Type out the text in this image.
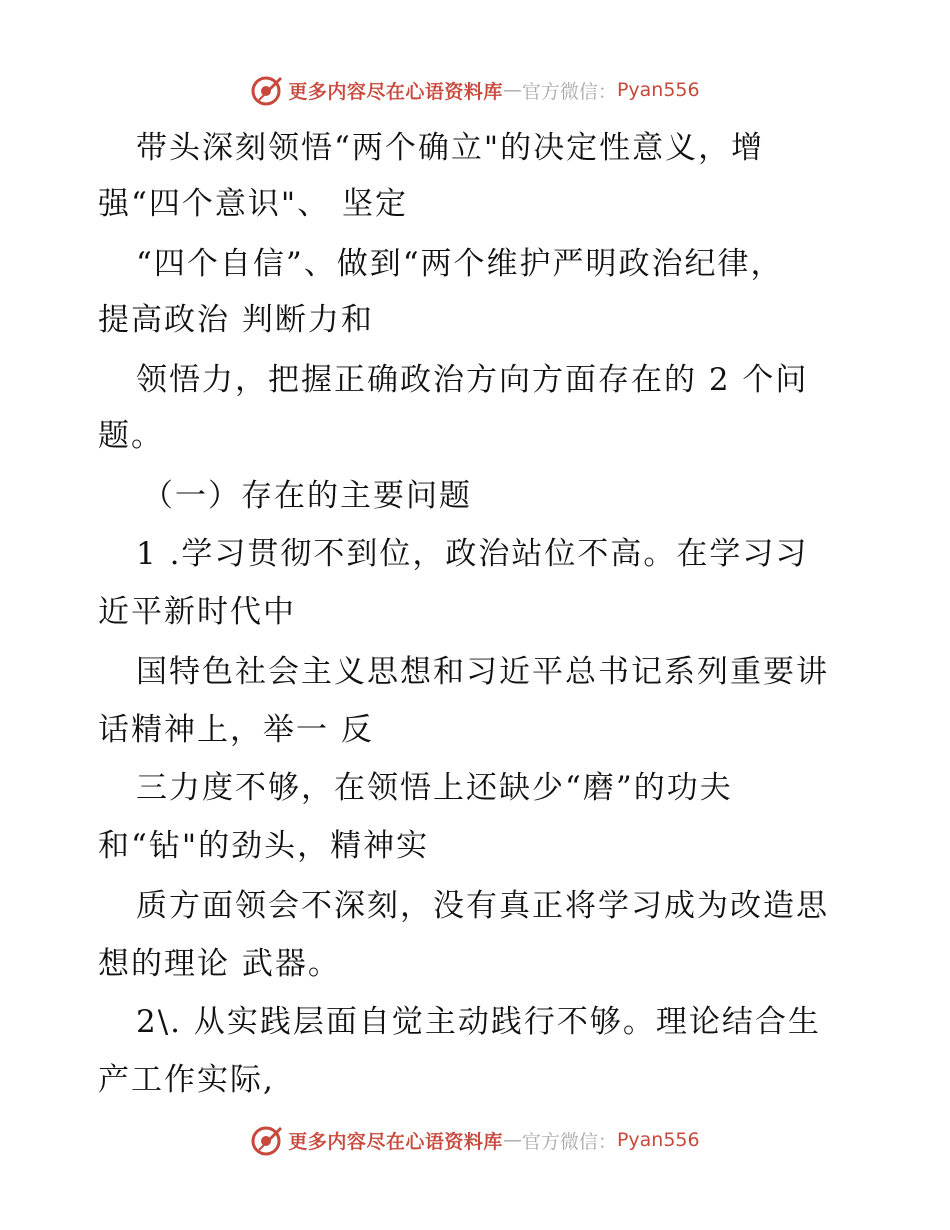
更多内容尽在心语资料库 — 官方微信： Pyan556
带头深刻领悟“两个确立"的决定性意义，增
强“四个意识"、 坚定
“四个自信”、做到“两个维护严明政治纪律，
提高政治 判断力和
领悟力，把握正确政治方向方面存在的 2 个问
题。
（一）存在的主要问题
1 .学习贯彻不到位，政治站位不高。在学习习
近平新时代中
国特色社会主义思想和习近平总书记系列重要讲
话精神上，举一 反
三力度不够，在领悟上还缺少“磨”的功夫
和“钻"的劲头，精神实
质方面领会不深刻，没有真正将学习成为改造思
想的理论 武器。
2\. 从实践层面自觉主动践行不够。理论结合生
产工作实际,
更多内容尽在心语资料库 — 官方微信： Pyan556
